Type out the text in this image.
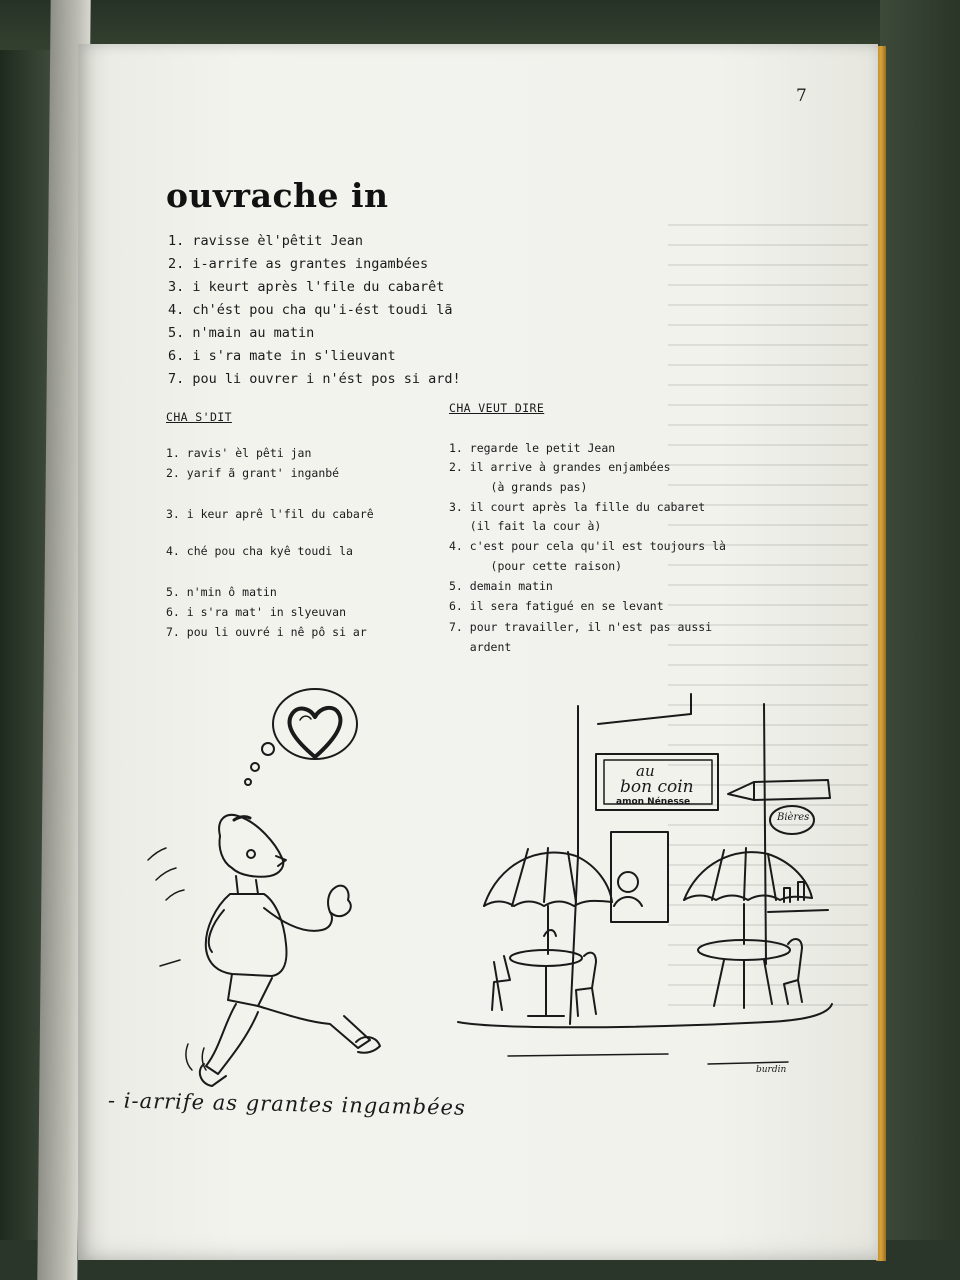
7
ouvrache in
1. ravisse èl'pêtit Jean
2. i-arrife as grantes ingambées
3. i keurt après l'file du cabarêt
4. ch'ést pou cha qu'i-ést toudi lã
5. n'main au matin
6. i s'ra mate in s'lieuvant
7. pou li ouvrer i n'ést pos si ard!
CHA S'DIT
CHA VEUT DIRE

1. ravis' èl pêti jan

2. yarif ã grant' inganbé

3. i keur aprê l'fil du cabarê

4. ché pou cha kyê toudi la

5. n'min ô matin

6. i s'ra mat' in slyeuvan

7. pou li ouvré i nê pô si ar

1. regarde le petit Jean

2. il arrive à grandes enjambées

(à grands pas)

3. il court après la fille du cabaret

(il fait la cour à)

4. c'est pour cela qu'il est toujours là

(pour cette raison)

5. demain matin

6. il sera fatigué en se levant

7. pour travailler, il n'est pas aussi

ardent

au
bon coin
amon Nénesse
Bières
burdin
- i-arrife as grantes ingambées
